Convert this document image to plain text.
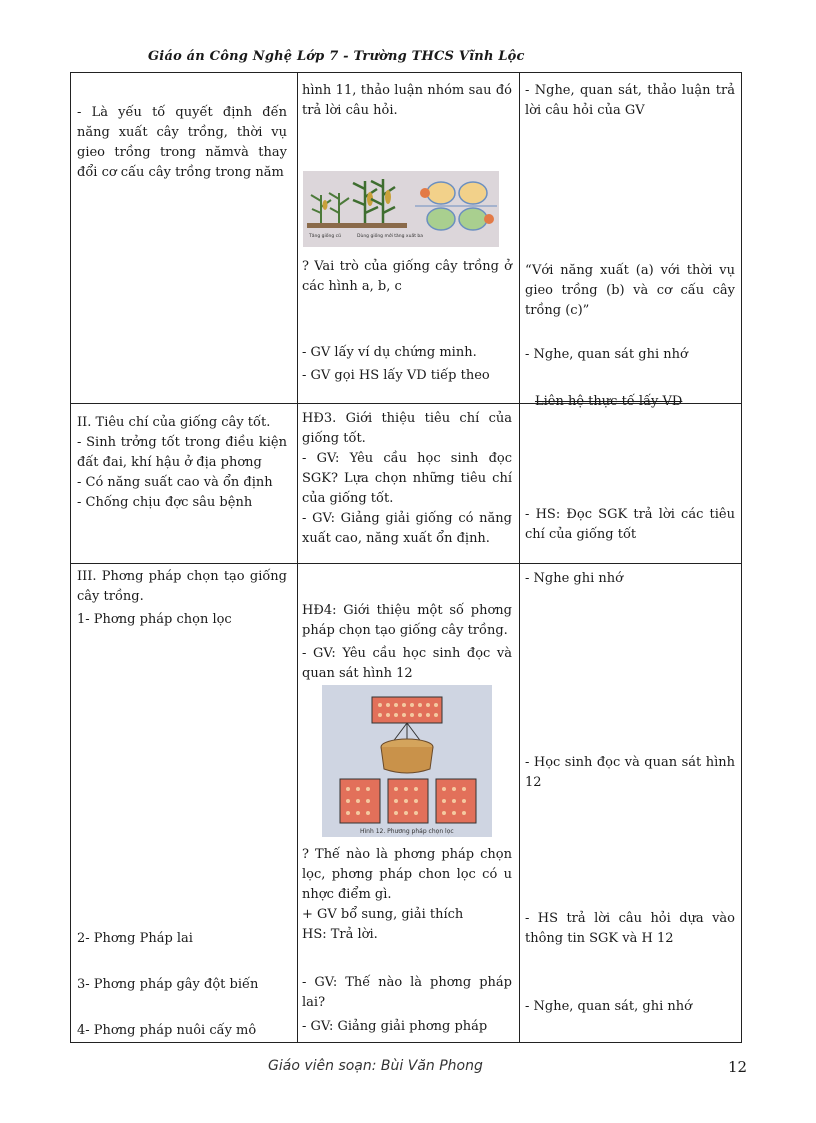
Giáo án Công Nghệ Lớp 7 - Trường THCS Vĩnh Lộc

- Là yếu tố quyết định đến năng xuất cây trồng, thời vụ gieo trồng trong nămvà thay đổi cơ cấu cây trồng trong năm

hình 11, thảo luận nhóm sau đó trả lời câu hỏi.

Tăng giống cũ	Dùng giống mới tăng xuất ba

? Vai trò của giống cây trồng ở các hình a, b, c

- GV lấy ví dụ chứng minh.

- GV gọi HS lấy VD tiếp theo

- Nghe, quan sát, thảo luận trả lời câu hỏi của GV

“Với năng xuất (a) với thời vụ gieo trồng (b) và cơ cấu cây trồng (c)”

- Nghe, quan sát ghi nhớ

Liên hệ thực tế lấy VD

II. Tiêu chí của giống cây tốt.

- Sinh trởng tốt trong điều kiện đất đai, khí hậu ở địa phơng

- Có năng suất cao và ổn định

- Chống chịu đợc sâu bệnh

HĐ3. Giới thiệu tiêu chí của giống tốt.

- GV: Yêu cầu học sinh đọc SGK? Lựa chọn những tiêu chí của giống tốt.

- GV: Giảng giải giống có năng xuất cao, năng xuất ổn định.

- HS: Đọc SGK trả lời các tiêu chí của giống tốt

III. Phơng pháp chọn tạo giống cây trồng.

1- Phơng pháp chọn lọc

2- Phơng Pháp lai

3- Phơng pháp gây đột biến

4- Phơng pháp nuôi cấy mô

HĐ4: Giới thiệu một số phơng pháp chọn tạo giống cây trồng.

- GV: Yêu cầu học sinh đọc và quan sát hình 12

Hình 12. Phương pháp chọn lọc

? Thế nào là phơng pháp chọn lọc, phơng pháp chon lọc có u nhợc điểm gì.

+ GV bổ sung, giải thích

HS: Trả lời.

- GV: Thế nào là phơng pháp lai?

- GV: Giảng giải phơng pháp

- Nghe ghi nhớ

- Học sinh đọc và quan sát hình 12

- HS trả lời câu hỏi dựa vào thông tin SGK và H 12

- Nghe, quan sát, ghi nhớ

Giáo viên soạn: Bùi Văn Phong	12
